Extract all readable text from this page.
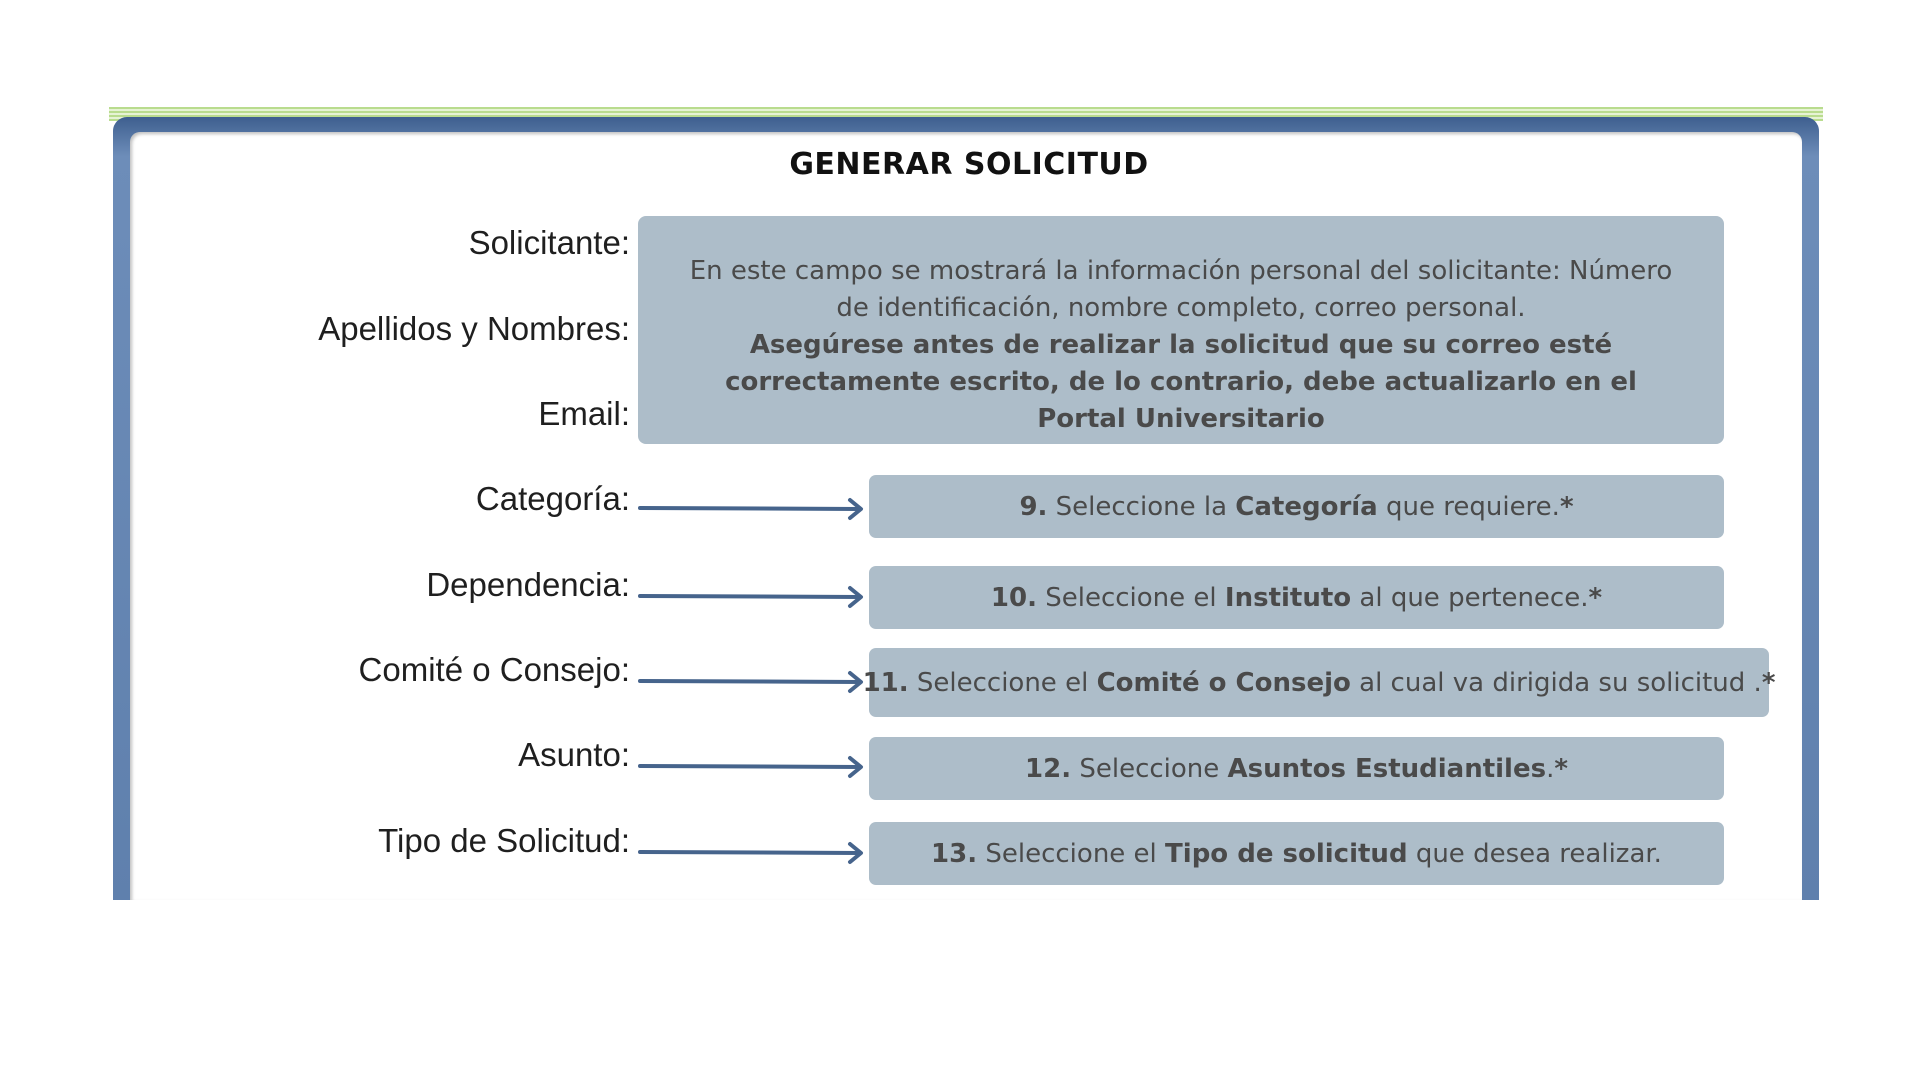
GENERAR SOLICITUD
Solicitante:
Apellidos y Nombres:
Email:
Categoría:
Dependencia:
Comité o Consejo:
Asunto:
Tipo de Solicitud:
En este campo se mostrará la información personal del solicitante: Número de identificación, nombre completo, correo personal.
Asegúrese antes de realizar la solicitud que su correo esté correctamente escrito, de lo contrario, debe actualizarlo en el Portal Universitario
9. Seleccione la Categoría que requiere. *
10. Seleccione el Instituto al que pertenece. *
11. Seleccione el Comité o Consejo al cual va dirigida su solicitud . *
12. Seleccione Asuntos Estudiantiles . *
13. Seleccione el Tipo de solicitud que desea realizar.
